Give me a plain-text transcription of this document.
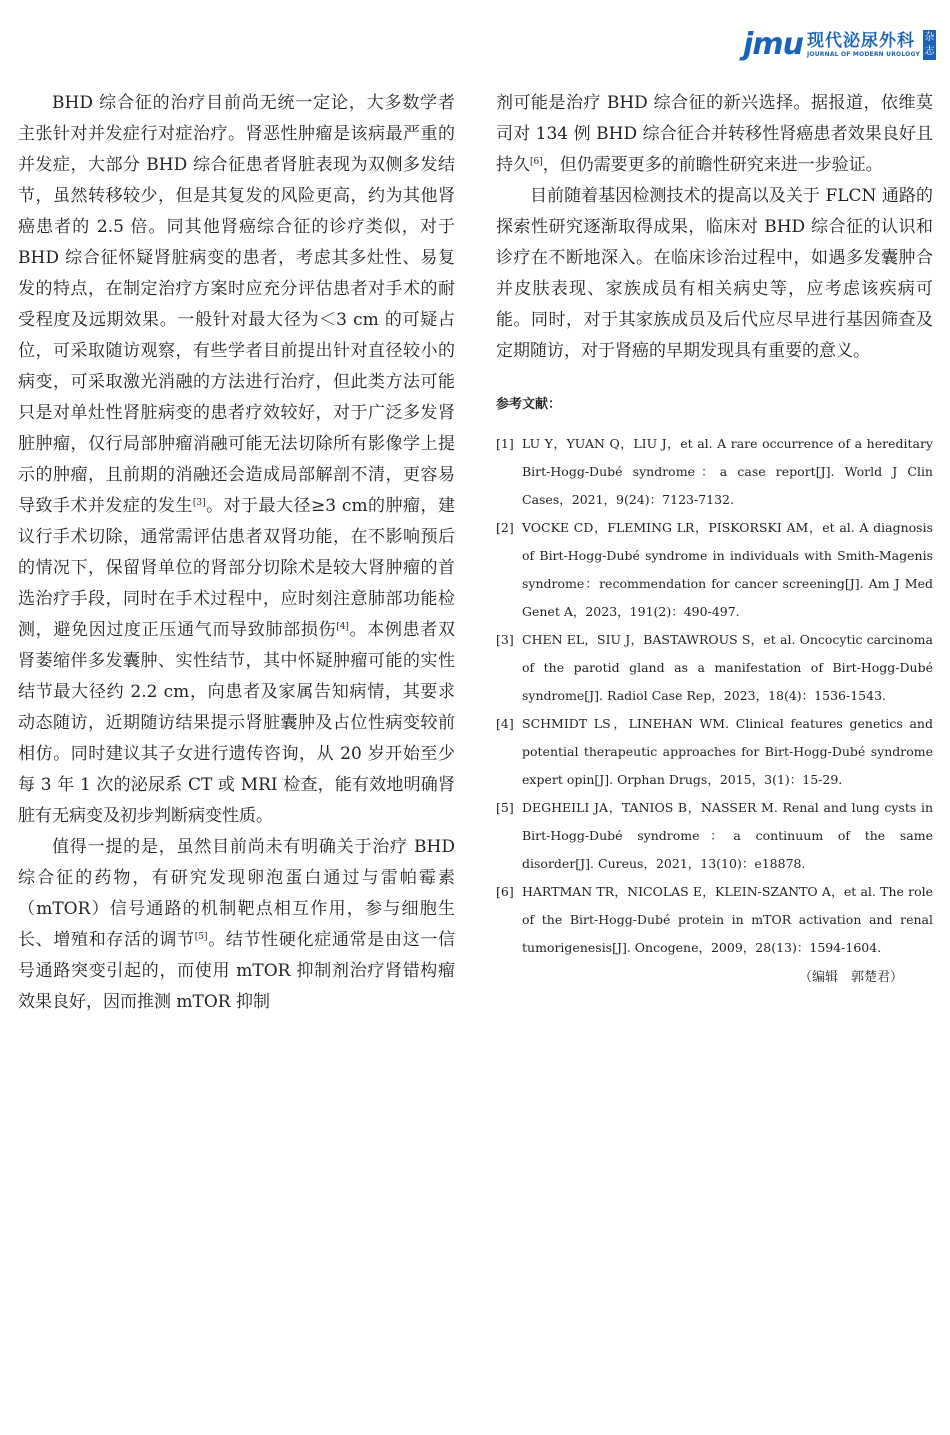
jmu 现代泌尿外科
JOURNAL OF MODERN UROLOGY
杂志

BHD 综合征的治疗目前尚无统一定论，大多数学者主张针对并发症行对症治疗。肾恶性肿瘤是该病最严重的并发症，大部分 BHD 综合征患者肾脏表现为双侧多发结节，虽然转移较少，但是其复发的风险更高，约为其他肾癌患者的 2.5 倍。同其他肾癌综合征的诊疗类似，对于 BHD 综合征怀疑肾脏病变的患者，考虑其多灶性、易复发的特点，在制定治疗方案时应充分评估患者对手术的耐受程度及远期效果。一般针对最大径为＜3 cm 的可疑占位，可采取随访观察，有些学者目前提出针对直径较小的病变，可采取激光消融的方法进行治疗，但此类方法可能只是对单灶性肾脏病变的患者疗效较好，对于广泛多发肾脏肿瘤，仅行局部肿瘤消融可能无法切除所有影像学上提示的肿瘤，且前期的消融还会造成局部解剖不清，更容易导致手术并发症的发生[3]。对于最大径≥3 cm的肿瘤，建议行手术切除，通常需评估患者双肾功能，在不影响预后的情况下，保留肾单位的肾部分切除术是较大肾肿瘤的首选治疗手段，同时在手术过程中，应时刻注意肺部功能检测，避免因过度正压通气而导致肺部损伤[4]。本例患者双肾萎缩伴多发囊肿、实性结节，其中怀疑肿瘤可能的实性结节最大径约 2.2 cm，向患者及家属告知病情，其要求动态随访，近期随访结果提示肾脏囊肿及占位性病变较前相仿。同时建议其子女进行遗传咨询，从 20 岁开始至少每 3 年 1 次的泌尿系 CT 或 MRI 检查，能有效地明确肾脏有无病变及初步判断病变性质。

值得一提的是，虽然目前尚未有明确关于治疗 BHD 综合征的药物，有研究发现卵泡蛋白通过与雷帕霉素（mTOR）信号通路的机制靶点相互作用，参与细胞生长、增殖和存活的调节[5]。结节性硬化症通常是由这一信号通路突变引起的，而使用 mTOR 抑制剂治疗肾错构瘤效果良好，因而推测 mTOR 抑制

剂可能是治疗 BHD 综合征的新兴选择。据报道，依维莫司对 134 例 BHD 综合征合并转移性肾癌患者效果良好且持久[6]，但仍需要更多的前瞻性研究来进一步验证。

目前随着基因检测技术的提高以及关于 FLCN 通路的探索性研究逐渐取得成果，临床对 BHD 综合征的认识和诊疗在不断地深入。在临床诊治过程中，如遇多发囊肿合并皮肤表现、家族成员有相关病史等，应考虑该疾病可能。同时，对于其家族成员及后代应尽早进行基因筛查及定期随访，对于肾癌的早期发现具有重要的意义。

参考文献：
[1] LU Y，YUAN Q，LIU J，et al. A rare occurrence of a hereditary Birt-Hogg-Dubé syndrome：a case report[J]. World J Clin Cases，2021，9(24)：7123-7132.
[2] VOCKE CD，FLEMING LR，PISKORSKI AM，et al. A diagnosis of Birt-Hogg-Dubé syndrome in individuals with Smith-Magenis syndrome：recommendation for cancer screening[J]. Am J Med Genet A，2023，191(2)：490-497.
[3] CHEN EL，SIU J，BASTAWROUS S，et al. Oncocytic carcinoma of the parotid gland as a manifestation of Birt-Hogg-Dubé syndrome[J]. Radiol Case Rep，2023，18(4)：1536-1543.
[4] SCHMIDT LS，LINEHAN WM. Clinical features genetics and potential therapeutic approaches for Birt-Hogg-Dubé syndrome expert opin[J]. Orphan Drugs，2015，3(1)：15-29.
[5] DEGHEILI JA，TANIOS B，NASSER M. Renal and lung cysts in Birt-Hogg-Dubé syndrome：a continuum of the same disorder[J]. Cureus，2021，13(10)：e18878.
[6] HARTMAN TR，NICOLAS E，KLEIN-SZANTO A，et al. The role of the Birt-Hogg-Dubé protein in mTOR activation and renal tumorigenesis[J]. Oncogene，2009，28(13)：1594-1604.
（编辑　郭楚君）
